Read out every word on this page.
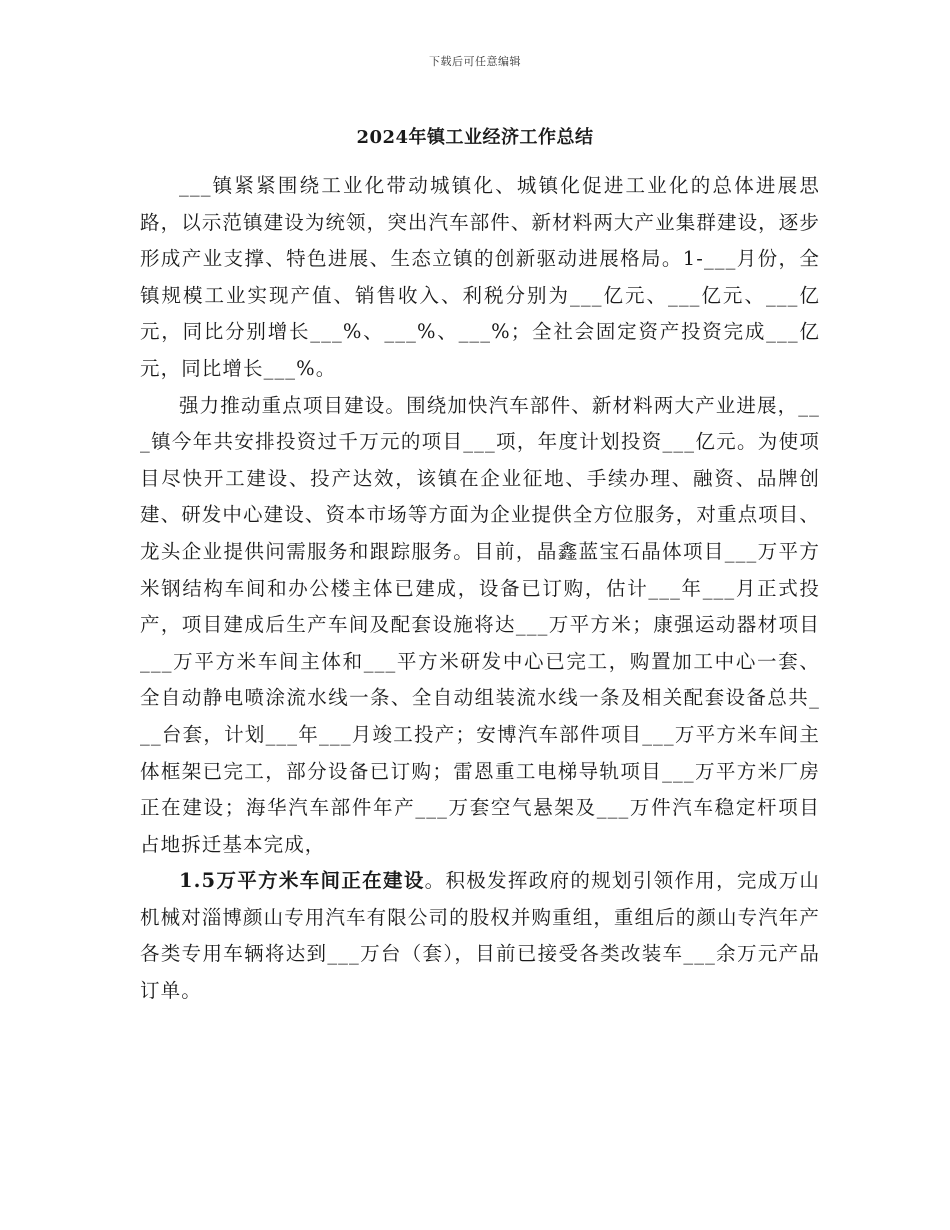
下载后可任意编辑
2024年镇工业经济工作总结

___镇紧紧围绕工业化带动城镇化、城镇化促进工业化的总体进展思路，以示范镇建设为统领，突出汽车部件、新材料两大产业集群建设，逐步形成产业支撑、特色进展、生态立镇的创新驱动进展格局。1-___月份，全镇规模工业实现产值、销售收入、利税分别为___亿元、___亿元、___亿元，同比分别增长___%、___%、___%；全社会固定资产投资完成___亿元，同比增长___%。

强力推动重点项目建设。围绕加快汽车部件、新材料两大产业进展，___镇今年共安排投资过千万元的项目___项，年度计划投资___亿元。为使项目尽快开工建设、投产达效，该镇在企业征地、手续办理、融资、品牌创建、研发中心建设、资本市场等方面为企业提供全方位服务，对重点项目、龙头企业提供问需服务和跟踪服务。目前，晶鑫蓝宝石晶体项目___万平方米钢结构车间和办公楼主体已建成，设备已订购，估计___年___月正式投产，项目建成后生产车间及配套设施将达___万平方米；康强运动器材项目___万平方米车间主体和___平方米研发中心已完工，购置加工中心一套、全自动静电喷涂流水线一条、全自动组装流水线一条及相关配套设备总共___台套，计划___年___月竣工投产；安博汽车部件项目___万平方米车间主体框架已完工，部分设备已订购；雷恩重工电梯导轨项目___万平方米厂房正在建设；海华汽车部件年产___万套空气悬架及___万件汽车稳定杆项目占地拆迁基本完成，

1.5万平方米车间正在建设。积极发挥政府的规划引领作用，完成万山机械对淄博颜山专用汽车有限公司的股权并购重组，重组后的颜山专汽年产各类专用车辆将达到___万台（套），目前已接受各类改装车___余万元产品订单。
